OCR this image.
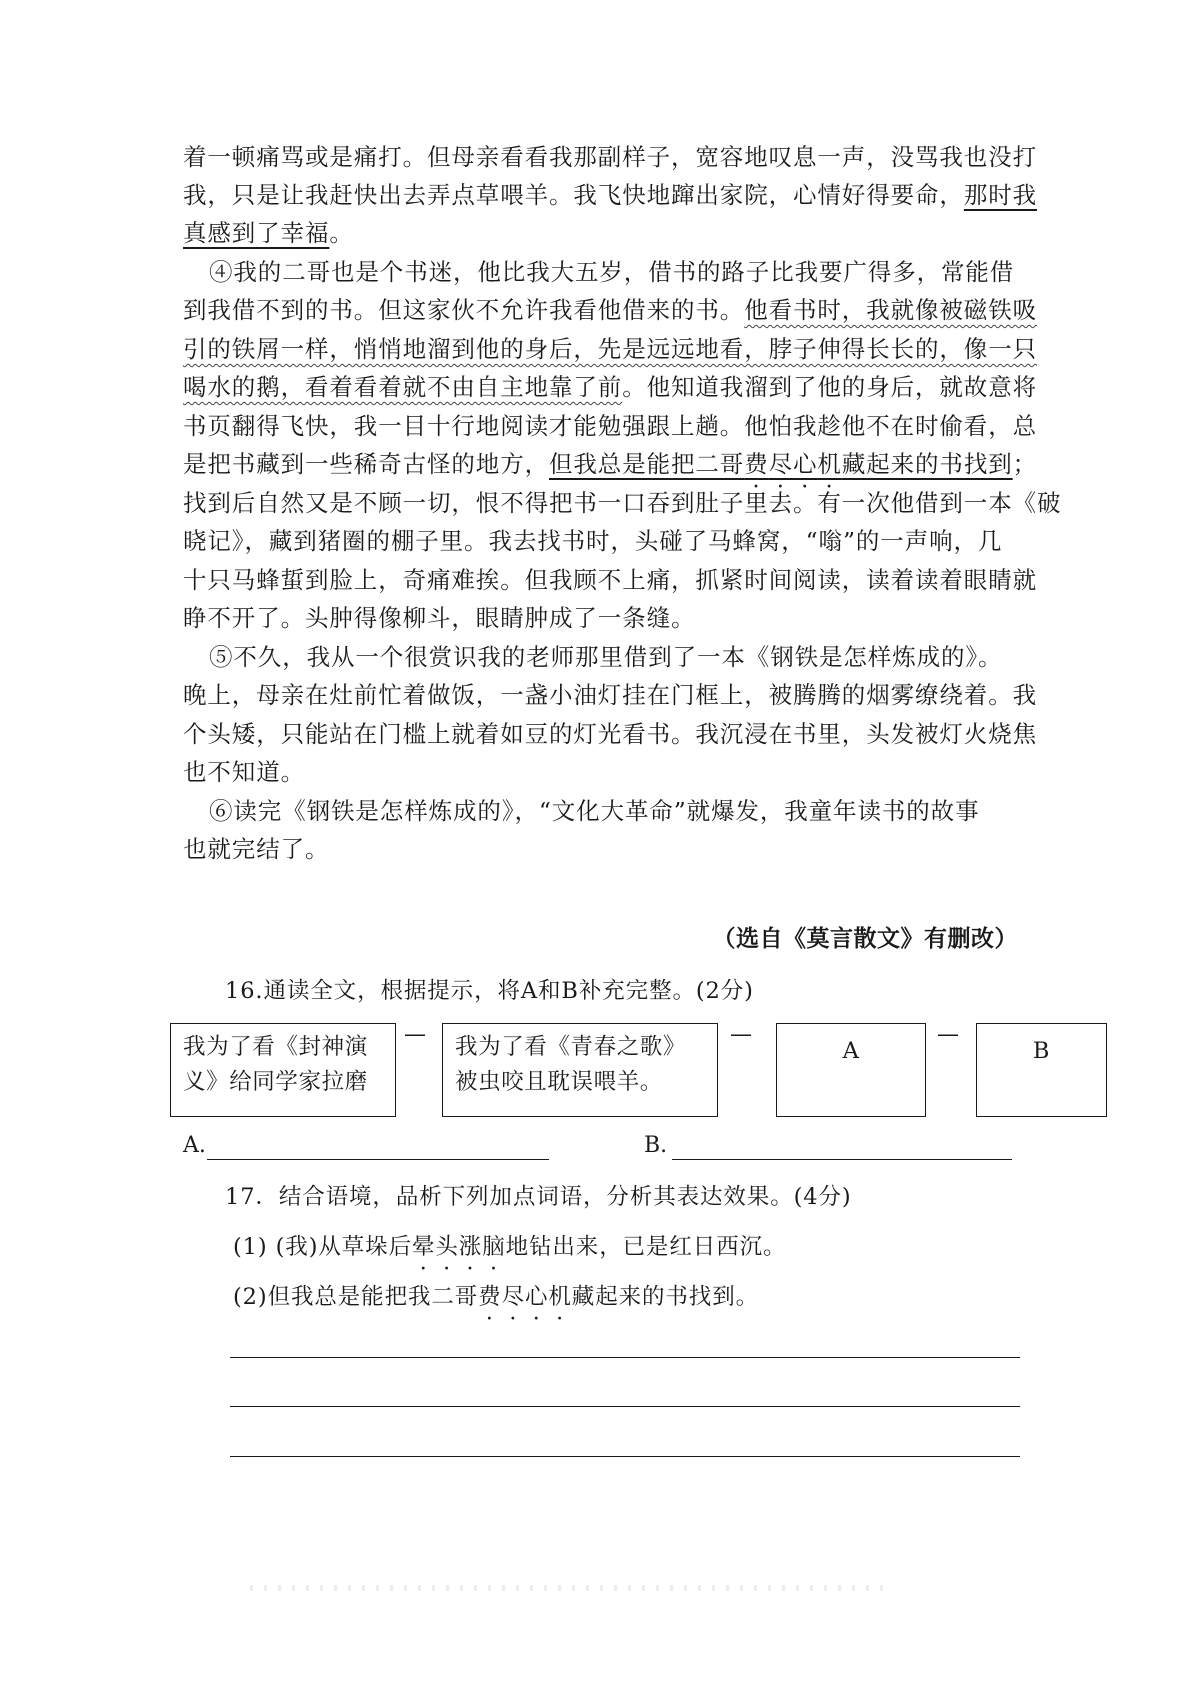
着一顿痛骂或是痛打。但母亲看看我那副样子，宽容地叹息一声，没骂我也没打
我，只是让我赶快出去弄点草喂羊。我飞快地蹿出家院，心情好得要命，那时我
真感到了幸福。
④我的二哥也是个书迷，他比我大五岁，借书的路子比我要广得多，常能借
到我借不到的书。但这家伙不允许我看他借来的书。他看书时，我就像被磁铁吸
引的铁屑一样，悄悄地溜到他的身后，先是远远地看，脖子伸得长长的，像一只
喝水的鹅，看着看着就不由自主地靠了前。他知道我溜到了他的身后，就故意将
书页翻得飞快，我一目十行地阅读才能勉强跟上趟。他怕我趁他不在时偷看，总
是把书藏到一些稀奇古怪的地方，但我总是能把二哥费尽心机藏起来的书找到；
找到后自然又是不顾一切，恨不得把书一口吞到肚子里去。有一次他借到一本《破
晓记》，藏到猪圈的棚子里。我去找书时，头碰了马蜂窝，“嗡”的一声响，几
十只马蜂蜇到脸上，奇痛难挨。但我顾不上痛，抓紧时间阅读，读着读着眼睛就
睁不开了。头肿得像柳斗，眼睛肿成了一条缝。
⑤不久，我从一个很赏识我的老师那里借到了一本《钢铁是怎样炼成的》。
晚上，母亲在灶前忙着做饭，一盏小油灯挂在门框上，被腾腾的烟雾缭绕着。我
个头矮，只能站在门槛上就着如豆的灯光看书。我沉浸在书里，头发被灯火烧焦
也不知道。
⑥读完《钢铁是怎样炼成的》，“文化大革命”就爆发，我童年读书的故事
也就完结了。
（选自《莫言散文》有删改）
16.通读全文，根据提示，将A和B补充完整。(2分)
我为了看《封神演
义》给同学家拉磨
— 我为了看《青春之歌》
被虫咬且耽误喂羊。
—
A
—
B
A.	B.
17．结合语境，品析下列加点词语，分析其表达效果。(4分)
(1) (我)从草垛后晕头涨脑地钻出来，已是红日西沉。
(2)但我总是能把我二哥费尽心机藏起来的书找到。
